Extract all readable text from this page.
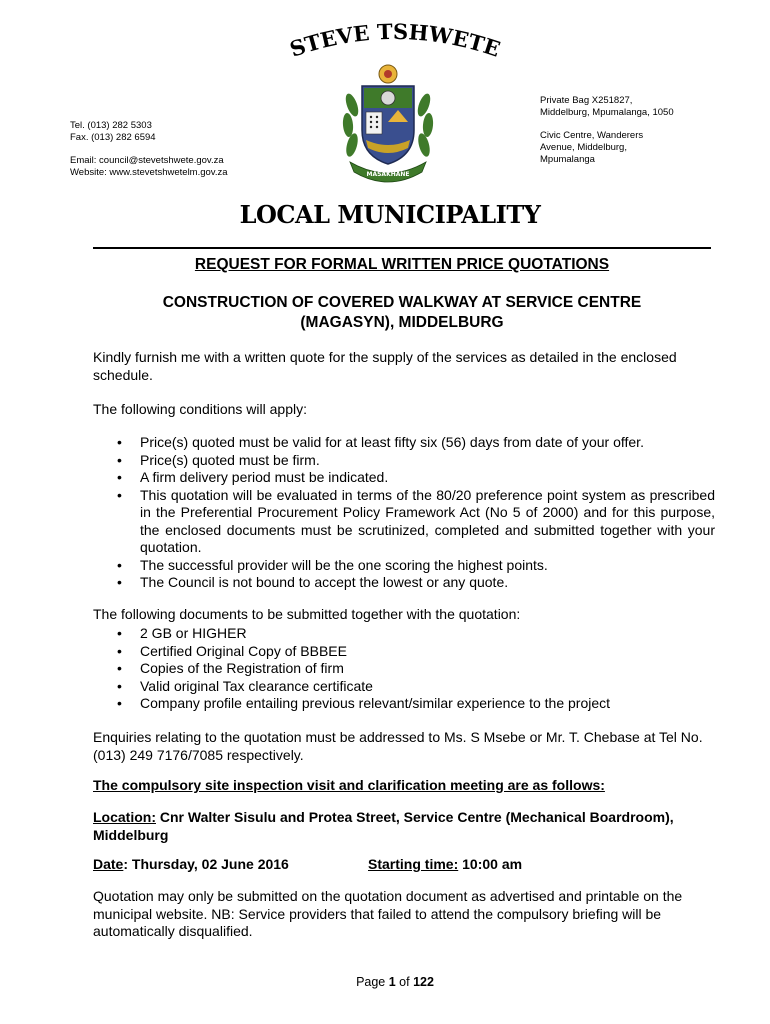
STEVE TSHWETE
MASAKHANE
Tel. (013) 282 5303
Fax. (013) 282 6594
Email: council@stevetshwete.gov.za
Website: www.stevetshwetelm.gov.za
Private Bag X251827,
Middelburg, Mpumalanga, 1050
Civic Centre, Wanderers
Avenue, Middelburg,
Mpumalanga
LOCAL MUNICIPALITY
REQUEST FOR FORMAL WRITTEN PRICE QUOTATIONS
CONSTRUCTION OF COVERED WALKWAY AT SERVICE CENTRE
(MAGASYN), MIDDELBURG
Kindly furnish me with a written quote for the supply of the services as detailed in the enclosed schedule.
The following conditions will apply:
• Price(s) quoted must be valid for at least fifty six (56) days from date of your offer.
• Price(s) quoted must be firm.
• A firm delivery period must be indicated.
• This quotation will be evaluated in terms of the 80/20 preference point system as prescribed in the Preferential Procurement Policy Framework Act (No 5 of 2000) and for this purpose, the enclosed documents must be scrutinized, completed and submitted together with your quotation.
• The successful provider will be the one scoring the highest points.
• The Council is not bound to accept the lowest or any quote.
The following documents to be submitted together with the quotation:
• 2 GB or HIGHER
• Certified Original Copy of BBBEE
• Copies of the Registration of firm
• Valid original Tax clearance certificate
• Company profile entailing previous relevant/similar experience to the project
Enquiries relating to the quotation must be addressed to Ms. S Msebe or Mr. T. Chebase at Tel No. (013) 249 7176/7085 respectively.
The compulsory site inspection visit and clarification meeting are as follows:
Location: Cnr Walter Sisulu and Protea Street, Service Centre (Mechanical Boardroom), Middelburg
Date: Thursday, 02 June 2016	Starting time: 10:00 am
Quotation may only be submitted on the quotation document as advertised and printable on the municipal website. NB: Service providers that failed to attend the compulsory briefing will be automatically disqualified.
Page 1 of 122
